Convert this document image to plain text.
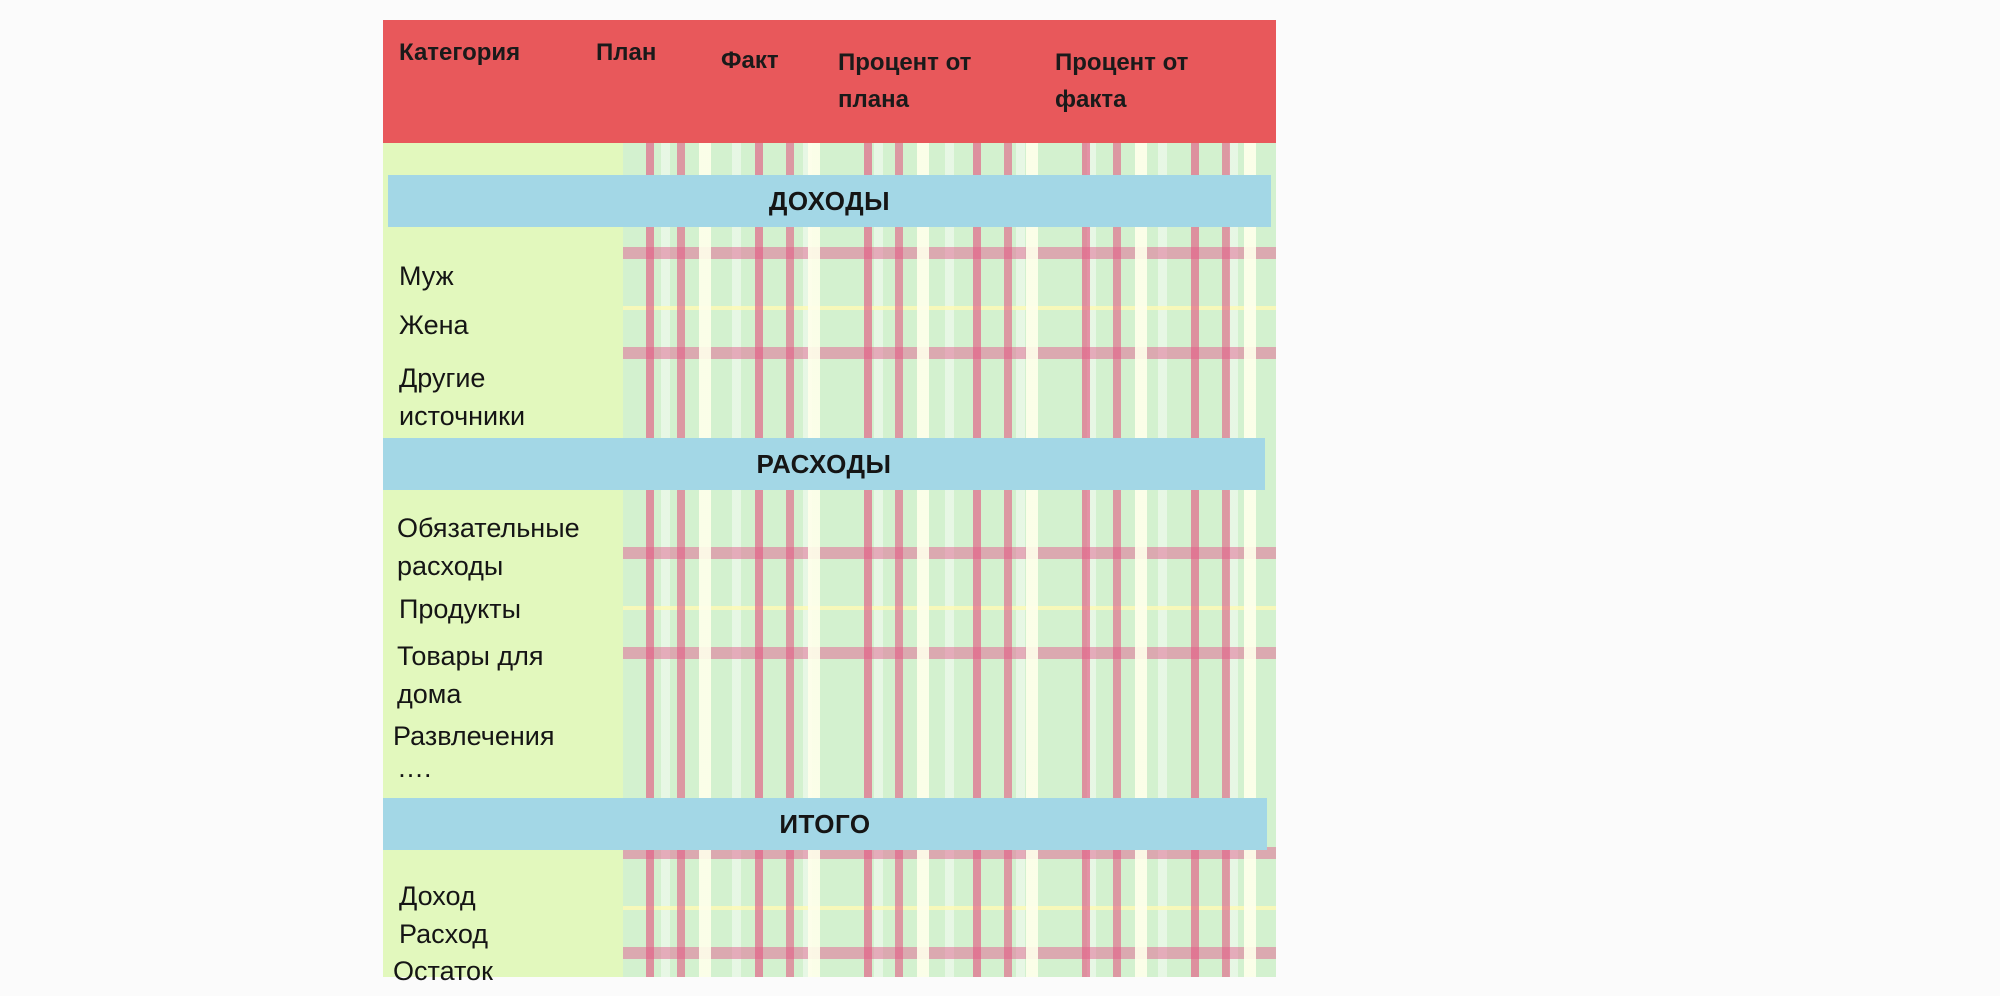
Категория	План	Факт Процент от
плана
Процент от
факта
ДОХОДЫ
Муж
Жена
Другие
источники
РАСХОДЫ
Обязательные
расходы
Продукты
Товары для
дома
Развлечения
….
ИТОГО
Доход
Расход
Остаток
